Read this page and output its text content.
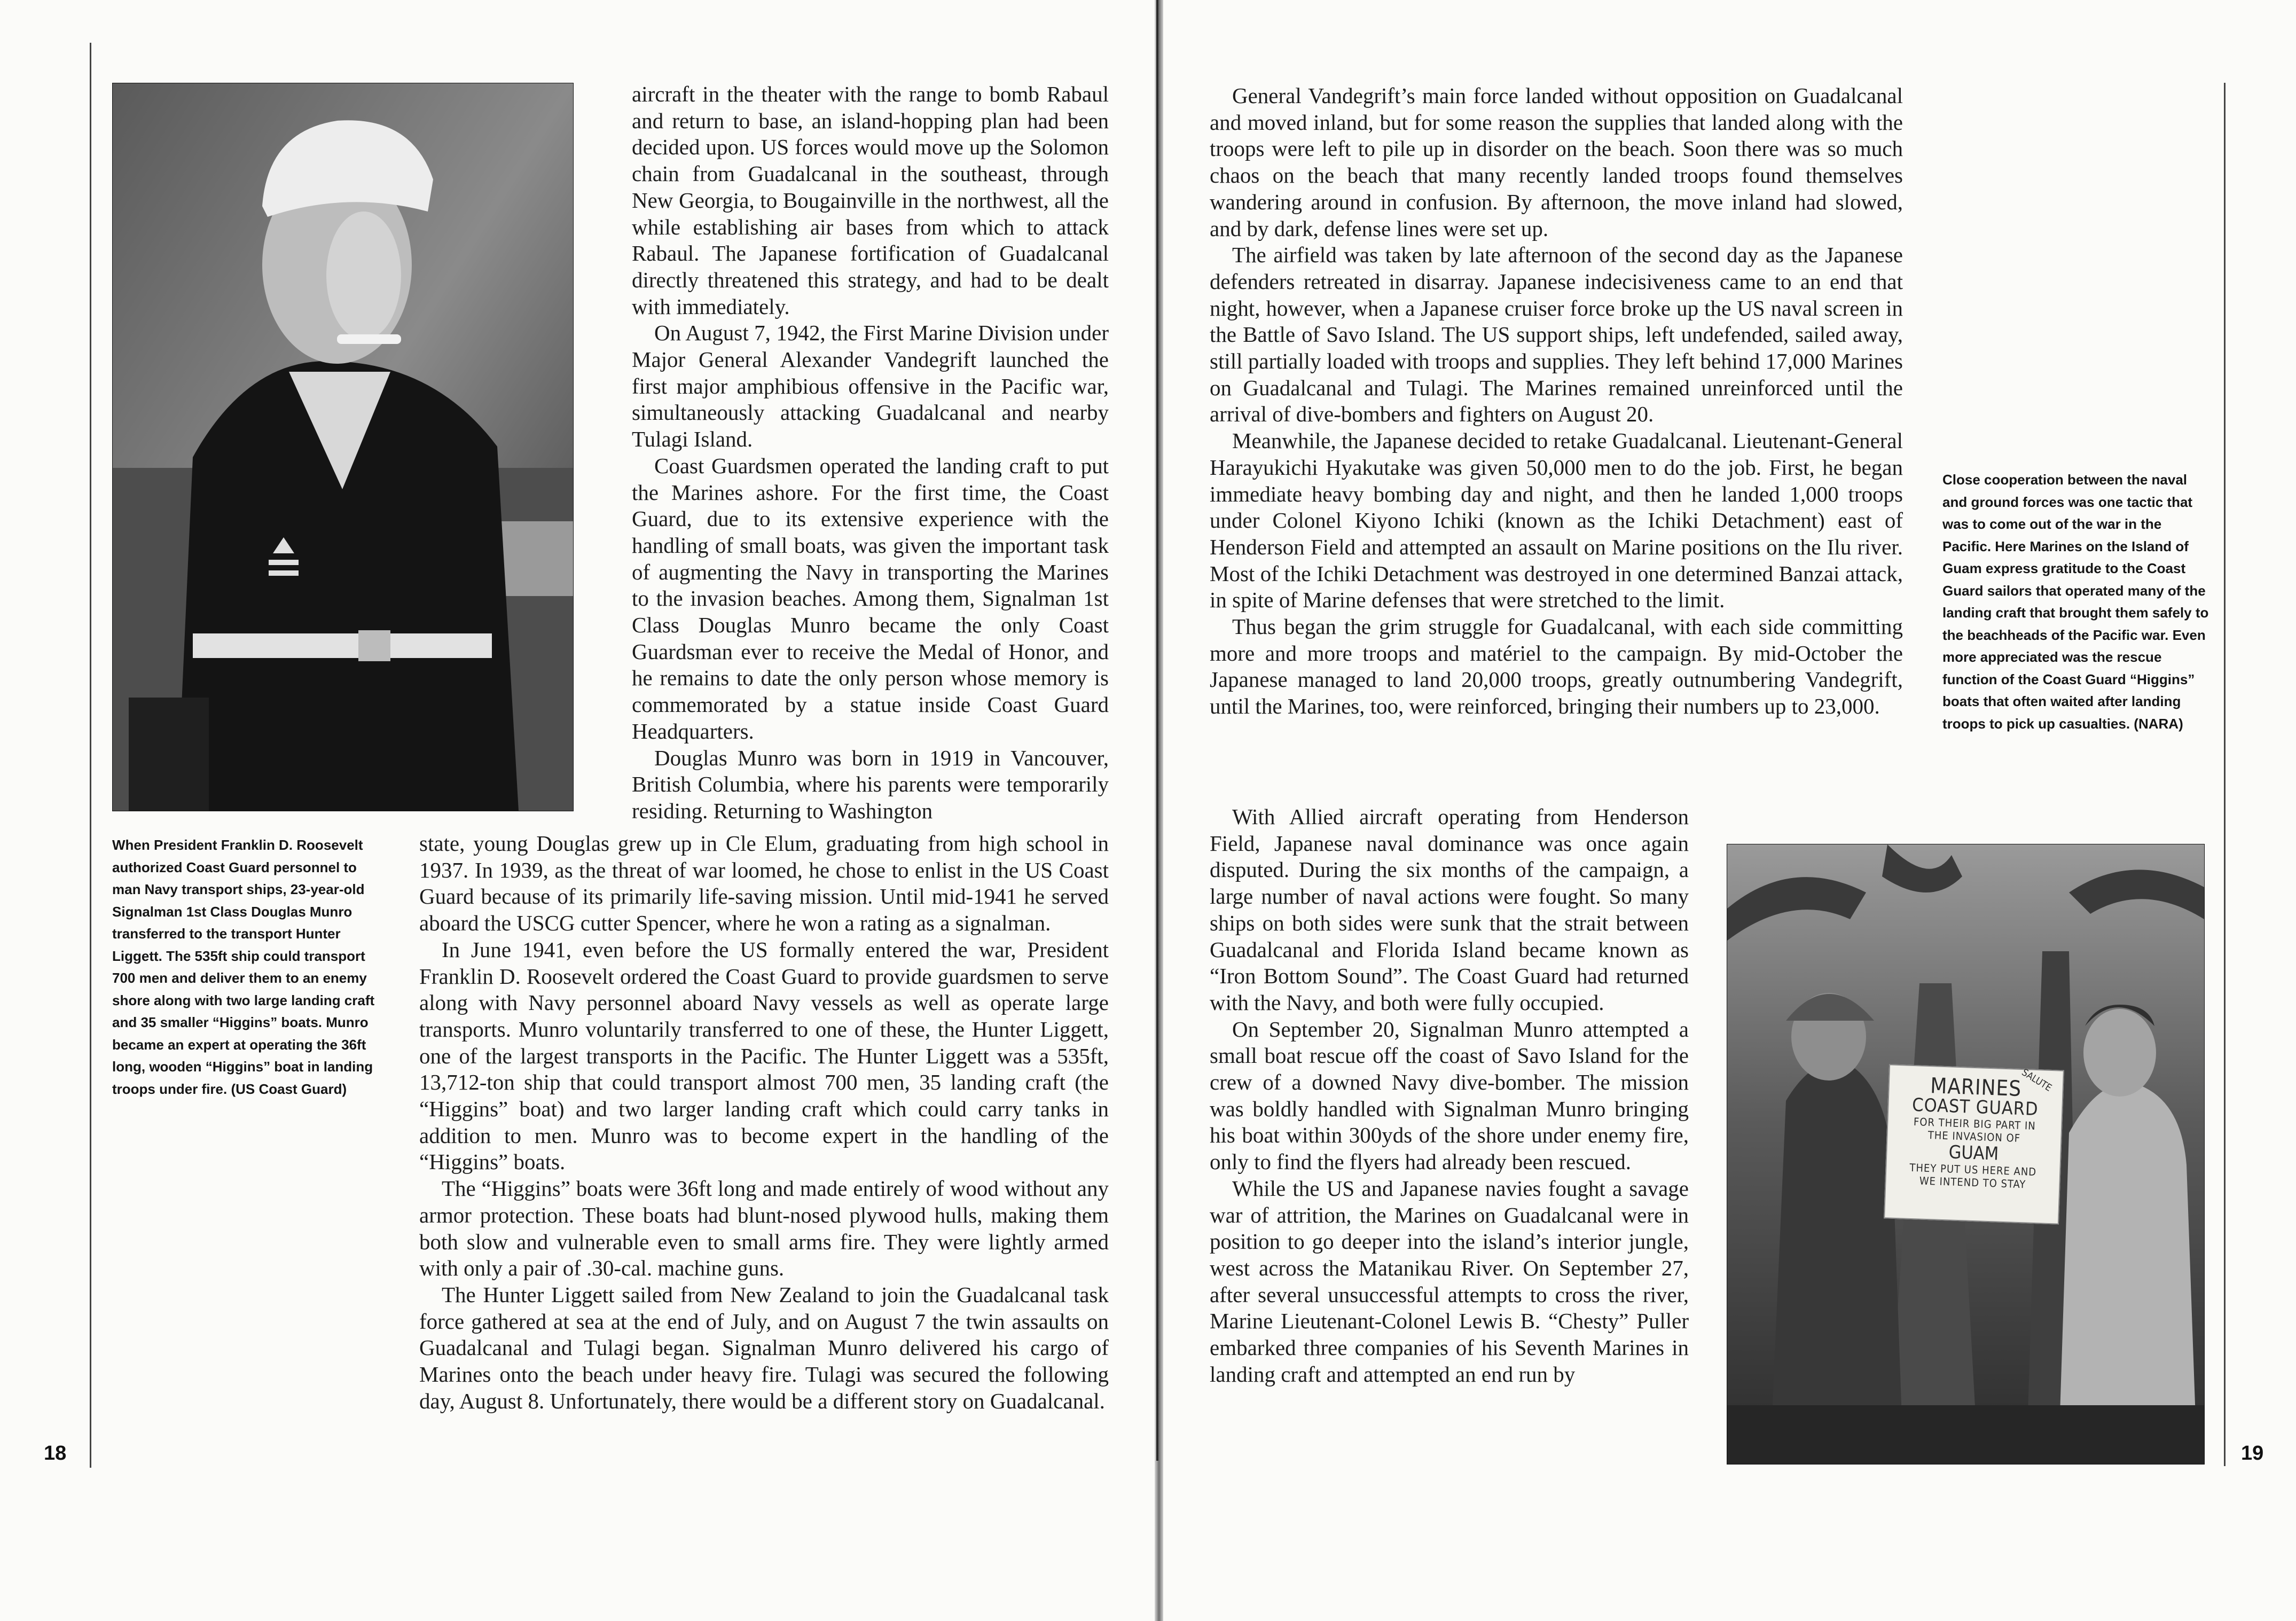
When President Franklin D. Roosevelt authorized Coast Guard personnel to man Navy transport ships, 23-year-old Signalman 1st Class Douglas Munro transferred to the transport Hunter Liggett. The 535ft ship could transport 700 men and deliver them to an enemy shore along with two large landing craft and 35 smaller “Higgins” boats. Munro became an expert at operating the 36ft long, wooden “Higgins” boat in landing troops under fire. (US Coast Guard)

aircraft in the theater with the range to bomb Rabaul and return to base, an island-hopping plan had been decided upon. US forces would move up the Solomon chain from Guadalcanal in the southeast, through New Georgia, to Bougainville in the northwest, all the while establishing air bases from which to attack Rabaul. The Japanese fortification of Guadalcanal directly threatened this strategy, and had to be dealt with immediately.

On August 7, 1942, the First Marine Division under Major General Alexander Vandegrift launched the first major amphibious offensive in the Pacific war, simultaneously attacking Guadalcanal and nearby Tulagi Island.

Coast Guardsmen operated the landing craft to put the Marines ashore. For the first time, the Coast Guard, due to its extensive experience with the handling of small boats, was given the important task of augmenting the Navy in transporting the Marines to the invasion beaches. Among them, Signalman 1st Class Douglas Munro became the only Coast Guardsman ever to receive the Medal of Honor, and he remains to date the only person whose memory is commemorated by a statue inside Coast Guard Headquarters.

Douglas Munro was born in 1919 in Vancouver, British Columbia, where his parents were temporarily residing. Returning to Washington

state, young Douglas grew up in Cle Elum, graduating from high school in 1937. In 1939, as the threat of war loomed, he chose to enlist in the US Coast Guard because of its primarily life-saving mission. Until mid-1941 he served aboard the USCG cutter Spencer, where he won a rating as a signalman.

In June 1941, even before the US formally entered the war, President Franklin D. Roosevelt ordered the Coast Guard to provide guardsmen to serve along with Navy personnel aboard Navy vessels as well as operate large transports. Munro voluntarily transferred to one of these, the Hunter Liggett, one of the largest transports in the Pacific. The Hunter Liggett was a 535ft, 13,712-ton ship that could transport almost 700 men, 35 landing craft (the “Higgins” boat) and two larger landing craft which could carry tanks in addition to men. Munro was to become expert in the handling of the “Higgins” boats.

The “Higgins” boats were 36ft long and made entirely of wood without any armor protection. These boats had blunt-nosed plywood hulls, making them both slow and vulnerable even to small arms fire. They were lightly armed with only a pair of .30-cal. machine guns.

The Hunter Liggett sailed from New Zealand to join the Guadalcanal task force gathered at sea at the end of July, and on August 7 the twin assaults on Guadalcanal and Tulagi began. Signalman Munro delivered his cargo of Marines onto the beach under heavy fire. Tulagi was secured the following day, August 8. Unfortunately, there would be a different story on Guadalcanal.

18

General Vandegrift’s main force landed without opposition on Guadalcanal and moved inland, but for some reason the supplies that landed along with the troops were left to pile up in disorder on the beach. Soon there was so much chaos on the beach that many recently landed troops found themselves wandering around in confusion. By afternoon, the move inland had slowed, and by dark, defense lines were set up.

The airfield was taken by late afternoon of the second day as the Japanese defenders retreated in disarray. Japanese indecisiveness came to an end that night, however, when a Japanese cruiser force broke up the US naval screen in the Battle of Savo Island. The US support ships, left undefended, sailed away, still partially loaded with troops and supplies. They left behind 17,000 Marines on Guadalcanal and Tulagi. The Marines remained unreinforced until the arrival of dive-bombers and fighters on August 20.

Meanwhile, the Japanese decided to retake Guadalcanal. Lieutenant-General Harayukichi Hyakutake was given 50,000 men to do the job. First, he began immediate heavy bombing day and night, and then he landed 1,000 troops under Colonel Kiyono Ichiki (known as the Ichiki Detachment) east of Henderson Field and attempted an assault on Marine positions on the Ilu river. Most of the Ichiki Detachment was destroyed in one determined Banzai attack, in spite of Marine defenses that were stretched to the limit.

Thus began the grim struggle for Guadalcanal, with each side committing more and more troops and matériel to the campaign. By mid-October the Japanese managed to land 20,000 troops, greatly outnumbering Vandegrift, until the Marines, too, were reinforced, bringing their numbers up to 23,000.

With Allied aircraft operating from Henderson Field, Japanese naval dominance was once again disputed. During the six months of the campaign, a large number of naval actions were fought. So many ships on both sides were sunk that the strait between Guadalcanal and Florida Island became known as “Iron Bottom Sound”. The Coast Guard had returned with the Navy, and both were fully occupied.

On September 20, Signalman Munro attempted a small boat rescue off the coast of Savo Island for the crew of a downed Navy dive-bomber. The mission was boldly handled with Signalman Munro bringing his boat within 300yds of the shore under enemy fire, only to find the flyers had already been rescued.

While the US and Japanese navies fought a savage war of attrition, the Marines on Guadalcanal were in position to go deeper into the island’s interior jungle, west across the Matanikau River. On September 27, after several unsuccessful attempts to cross the river, Marine Lieutenant-Colonel Lewis B. “Chesty” Puller embarked three companies of his Seventh Marines in landing craft and attempted an end run by

Close cooperation between the naval and ground forces was one tactic that was to come out of the war in the Pacific. Here Marines on the Island of Guam express gratitude to the Coast Guard sailors that operated many of the landing craft that brought them safely to the beachheads of the Pacific war. Even more appreciated was the rescue function of the Coast Guard “Higgins” boats that often waited after landing troops to pick up casualties. (NARA)

SALUTE
MARINES
COAST GUARD
FOR THEIR BIG PART IN
THE INVASION OF
GUAM
THEY PUT US HERE AND
WE INTEND TO STAY
19
